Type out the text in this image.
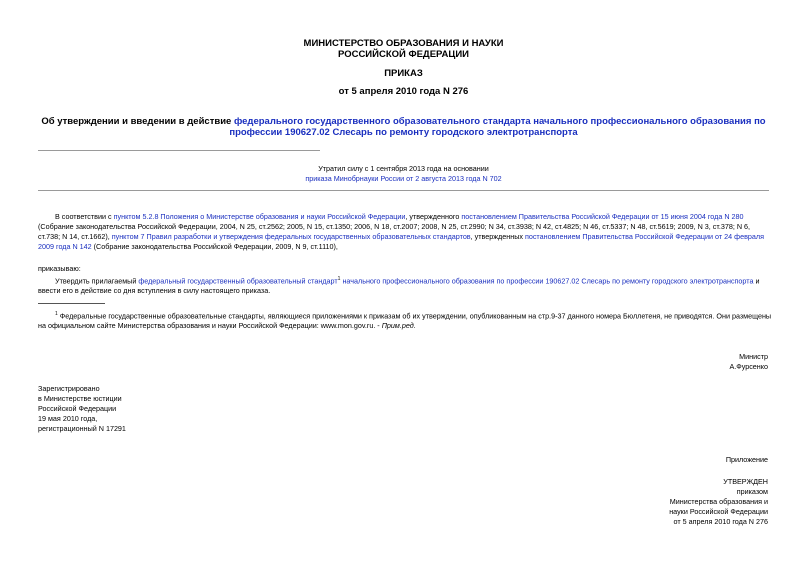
МИНИСТЕРСТВО ОБРАЗОВАНИЯ И НАУКИ
РОССИЙСКОЙ ФЕДЕРАЦИИ
ПРИКАЗ
от 5 апреля 2010 года N 276
Об утверждении и введении в действие федерального государственного образовательного стандарта начального профессионального образования по
профессии 190627.02 Слесарь по ремонту городского электротранспорта
Утратил силу с 1 сентября 2013 года на основании
приказа Минобрнауки России от 2 августа 2013 года N 702
В соответствии с пунктом 5.2.8 Положения о Министерстве образования и науки Российской Федерации, утвержденного постановлением Правительства Российской Федерации от 15 июня 2004 года N 280
(Собрание законодательства Российской Федерации, 2004, N 25, ст.2562; 2005, N 15, ст.1350; 2006, N 18, ст.2007; 2008, N 25, ст.2990; N 34, ст.3938; N 42, ст.4825; N 46, ст.5337; N 48, ст.5619; 2009, N 3, ст.378; N 6,
ст.738; N 14, ст.1662), пунктом 7 Правил разработки и утверждения федеральных государственных образовательных стандартов, утвержденных постановлением Правительства Российской Федерации от 24 февраля
2009 года N 142 (Собрание законодательства Российской Федерации, 2009, N 9, ст.1110),
приказываю:
Утвердить прилагаемый федеральный государственный образовательный стандарт$^1$ начального профессионального образования по профессии 190627.02 Слесарь по ремонту городского электротранспорта и
ввести его в действие со дня вступления в силу настоящего приказа.
$^1$ Федеральные государственные образовательные стандарты, являющиеся приложениями к приказам об их утверждении, опубликованным на стр.9-37 данного номера Бюллетеня, не приводятся. Они размещены
на официальном сайте Министерства образования и науки Российской Федерации: www.mon.gov.ru. - Прим.ред.
Министр
А.Фурсенко
Зарегистрировано
в Министерстве юстиции
Российской Федерации
19 мая 2010 года,
регистрационный N 17291
Приложение
УТВЕРЖДЕН
приказом
Министерства образования и
науки Российской Федерации
от 5 апреля 2010 года N 276
